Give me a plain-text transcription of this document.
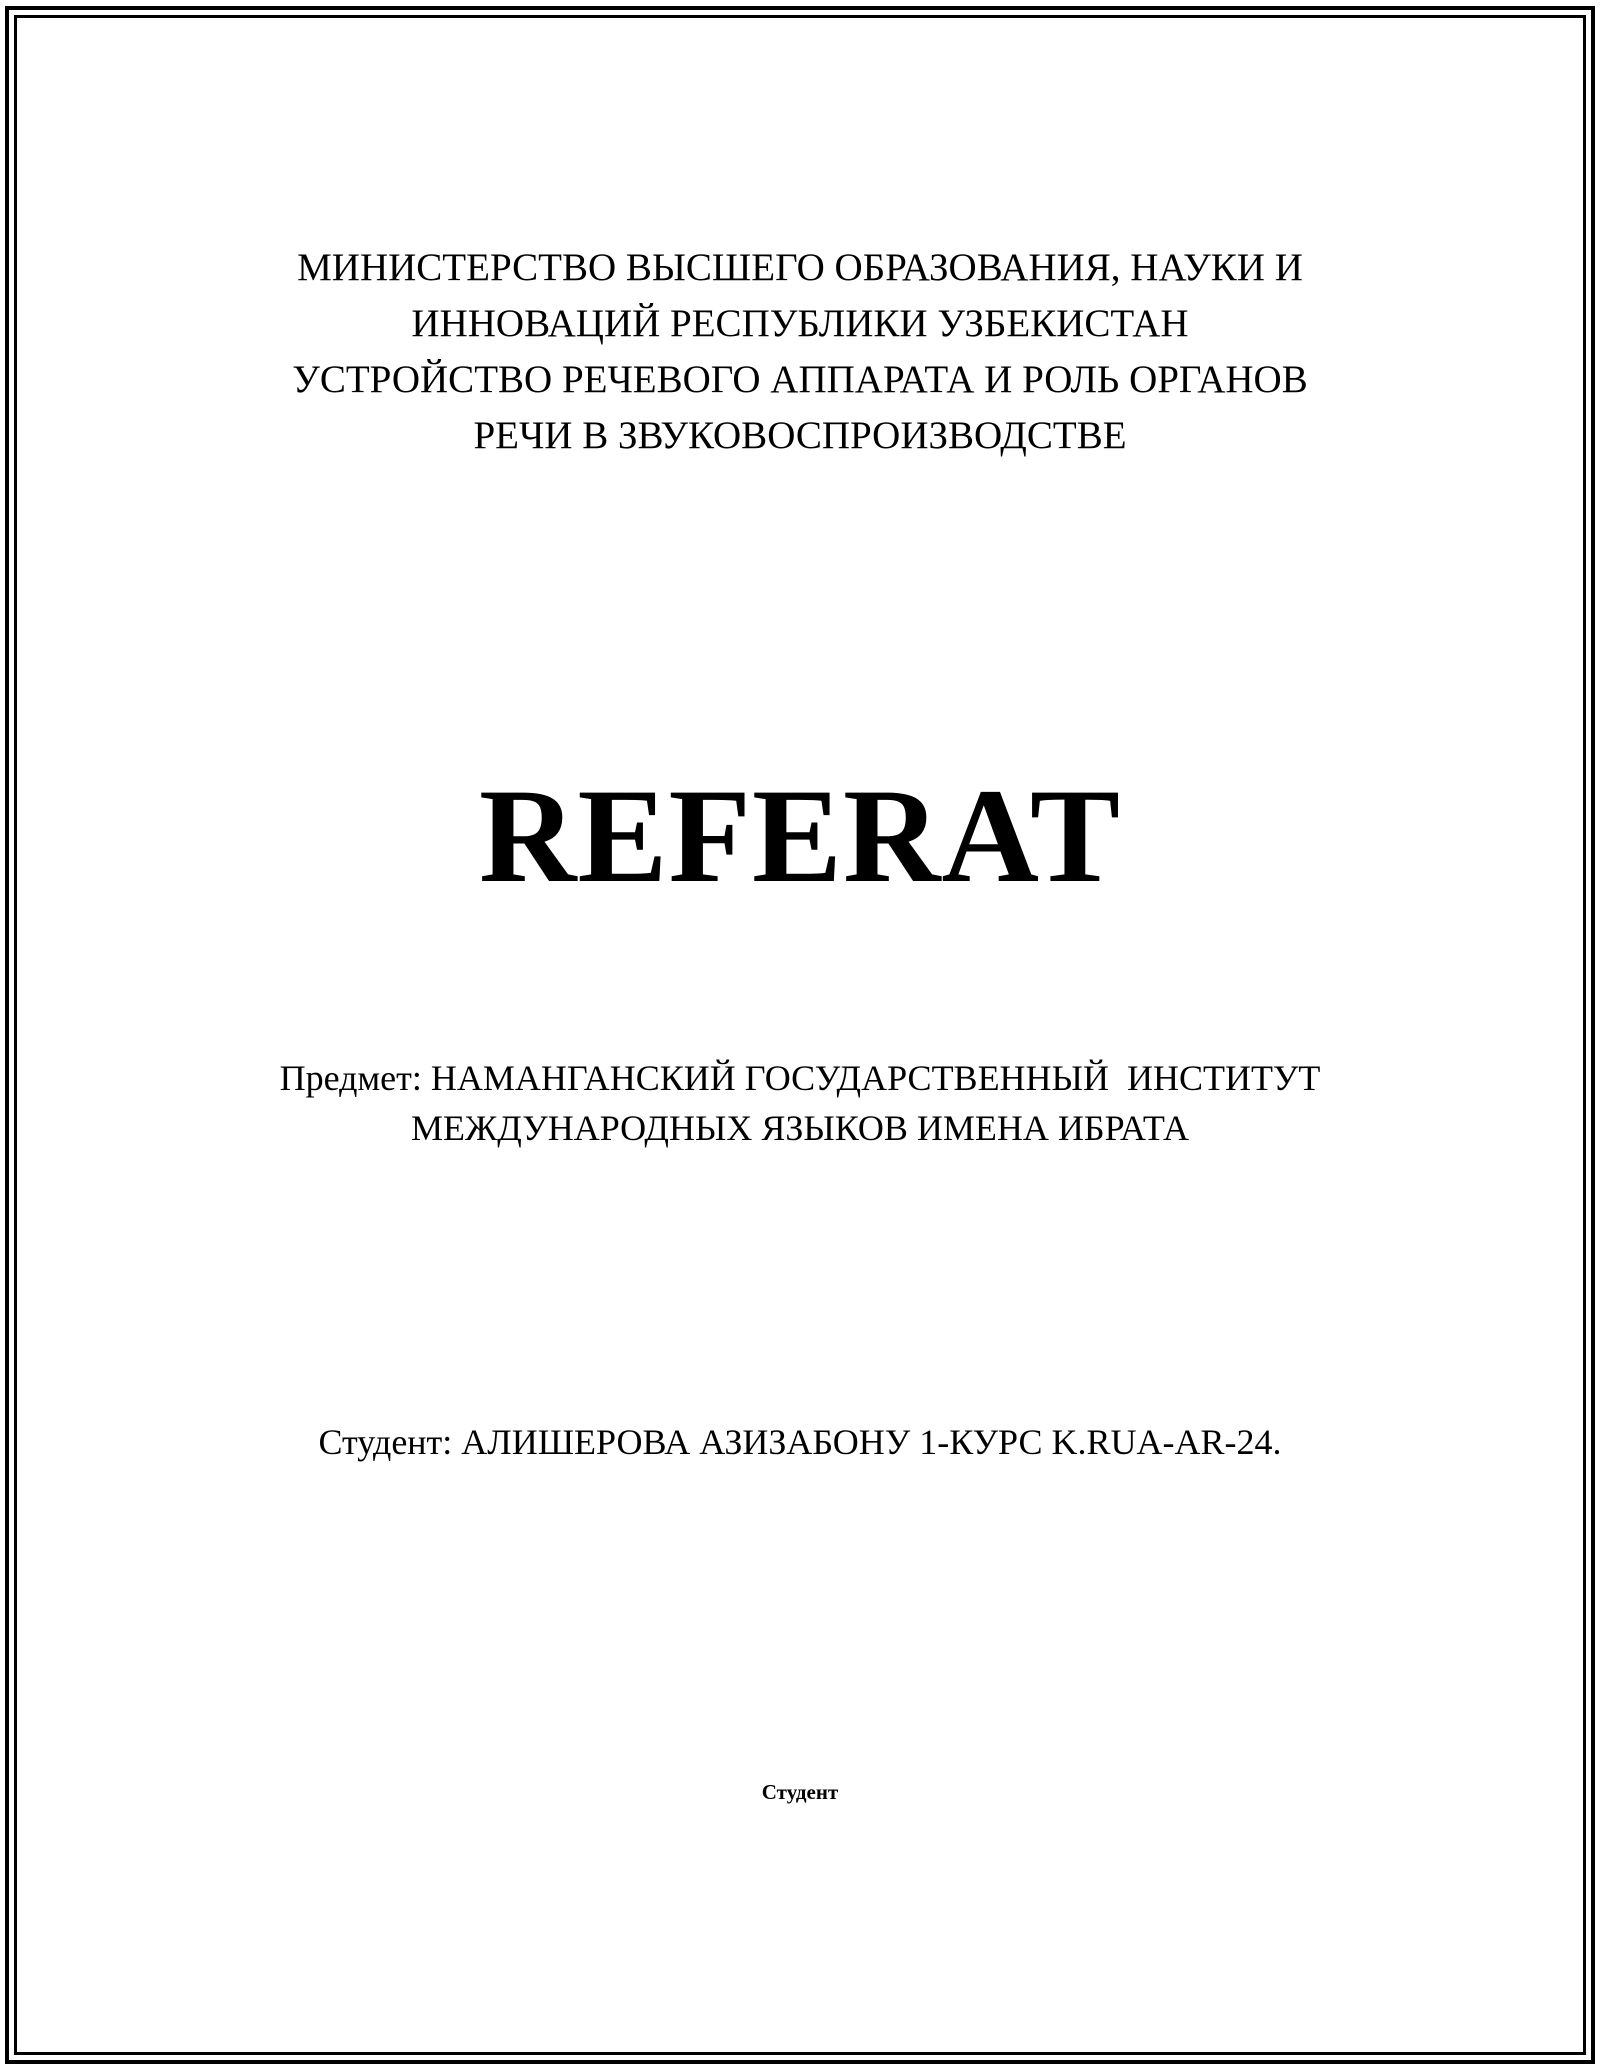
МИНИСТЕРСТВО ВЫСШЕГО ОБРАЗОВАНИЯ, НАУКИ И
ИННОВАЦИЙ РЕСПУБЛИКИ УЗБЕКИСТАН
УСТРОЙСТВО РЕЧЕВОГО АППАРАТА И РОЛЬ ОРГАНОВ
РЕЧИ В ЗВУКОВОСПРОИЗВОДСТВЕ
REFERAT
Предмет: НАМАНГАНСКИЙ ГОСУДАРСТВЕННЫЙ  ИНСТИТУТ
МЕЖДУНАРОДНЫХ ЯЗЫКОВ ИМЕНА ИБРАТА
Студент: АЛИШЕРОВА АЗИЗАБОНУ 1-КУРС K.RUA-AR-24.
Студент
